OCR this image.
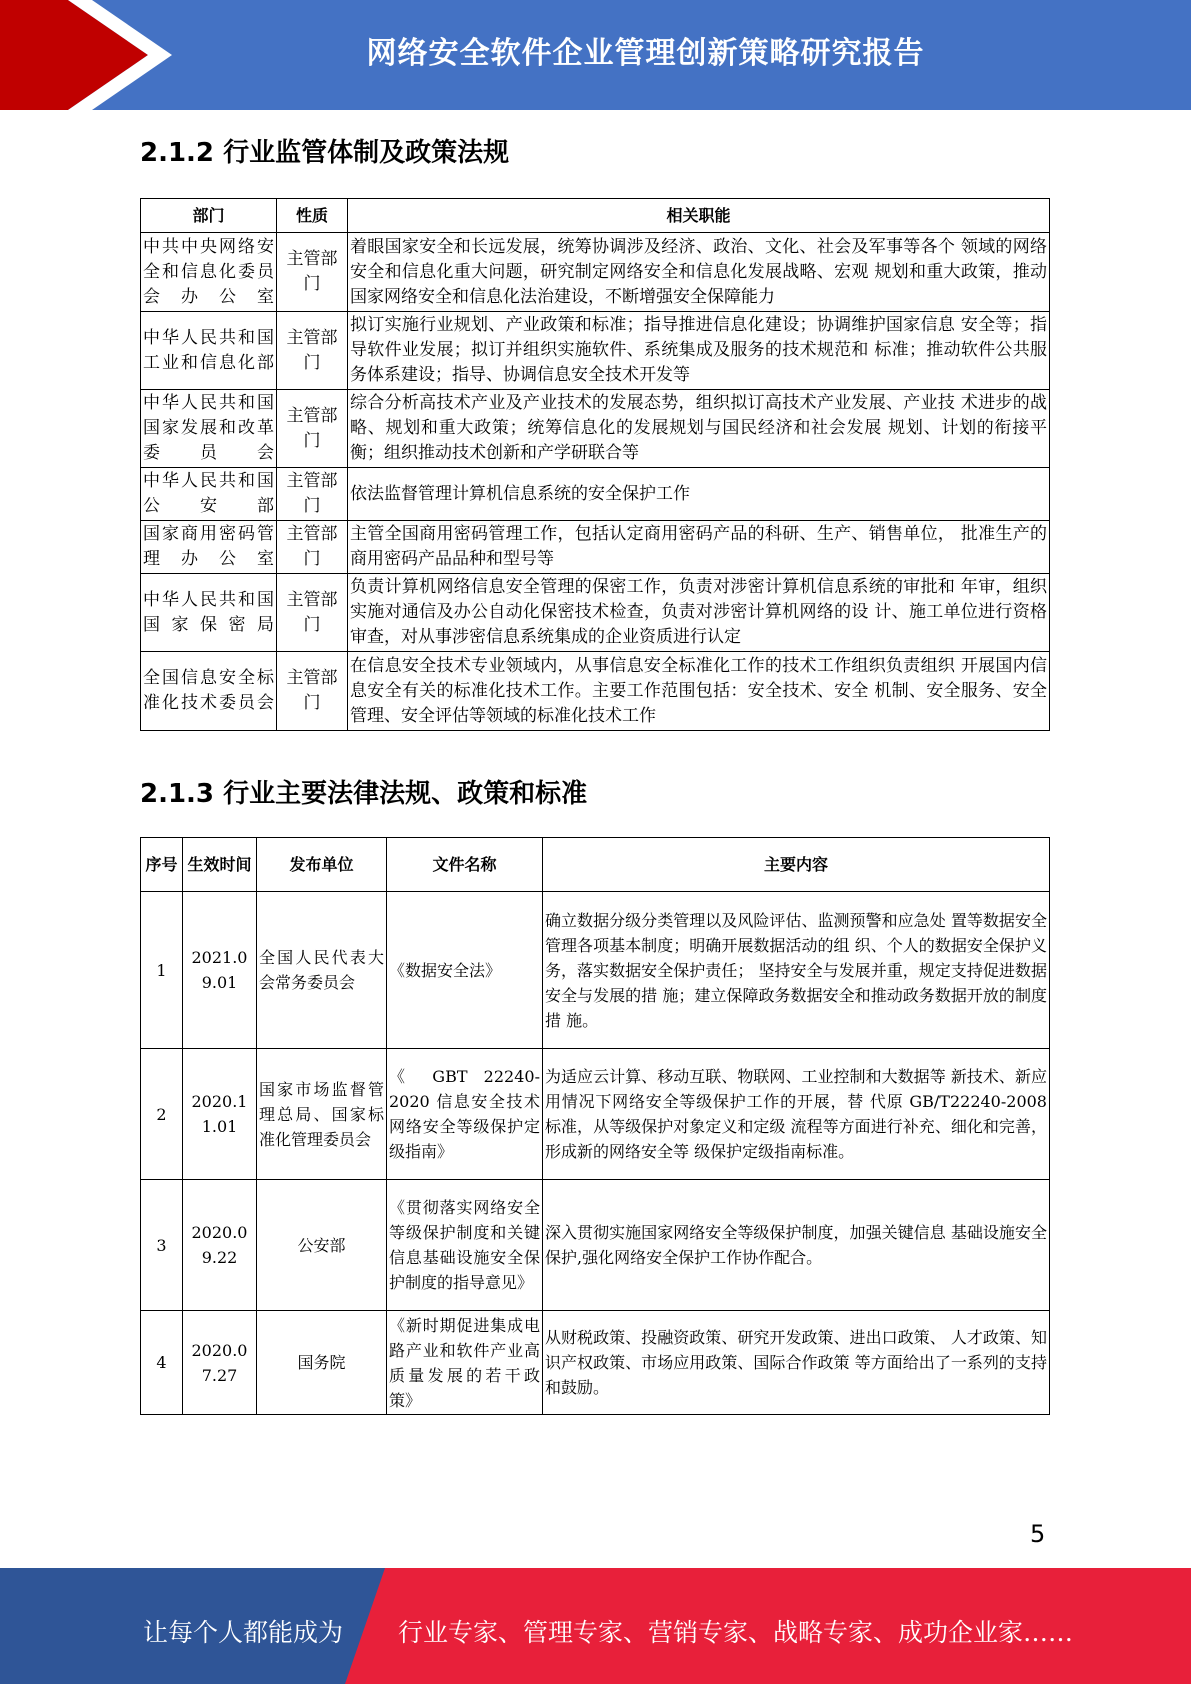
网络安全软件企业管理创新策略研究报告
2.1.2 行业监管体制及政策法规
部门	性质	相关职能
中共中央网络安全和信息化委员会办公室	主管部门	着眼国家安全和长远发展，统筹协调涉及经济、政治、文化、社会及军事等各个 领域的网络安全和信息化重大问题，研究制定网络安全和信息化发展战略、宏观 规划和重大政策，推动国家网络安全和信息化法治建设，不断增强安全保障能力
中华人民共和国工业和信息化部	主管部门	拟订实施行业规划、产业政策和标准；指导推进信息化建设；协调维护国家信息 安全等；指导软件业发展；拟订并组织实施软件、系统集成及服务的技术规范和 标准；推动软件公共服务体系建设；指导、协调信息安全技术开发等
中华人民共和国国家发展和改革委员会	主管部门	综合分析高技术产业及产业技术的发展态势，组织拟订高技术产业发展、产业技 术进步的战略、规划和重大政策；统筹信息化的发展规划与国民经济和社会发展 规划、计划的衔接平衡；组织推动技术创新和产学研联合等
中华人民共和国公安部	主管部门	依法监督管理计算机信息系统的安全保护工作
国家商用密码管理办公室	主管部门	主管全国商用密码管理工作，包括认定商用密码产品的科研、生产、销售单位， 批准生产的商用密码产品品种和型号等
中华人民共和国国家保密局	主管部门	负责计算机网络信息安全管理的保密工作，负责对涉密计算机信息系统的审批和 年审，组织实施对通信及办公自动化保密技术检查，负责对涉密计算机网络的设 计、施工单位进行资格审查，对从事涉密信息系统集成的企业资质进行认定
全国信息安全标准化技术委员会	主管部门	在信息安全技术专业领域内，从事信息安全标准化工作的技术工作组织负责组织 开展国内信息安全有关的标准化技术工作。主要工作范围包括：安全技术、安全 机制、安全服务、安全管理、安全评估等领域的标准化技术工作
2.1.3 行业主要法律法规、政策和标准
序号	生效时间	发布单位	文件名称	主要内容
1	2021.09.01	全国人民代表大会常务委员会	《数据安全法》	确立数据分级分类管理以及风险评估、监测预警和应急处 置等数据安全管理各项基本制度；明确开展数据活动的组 织、个人的数据安全保护义务，落实数据安全保护责任； 坚持安全与发展并重，规定支持促进数据安全与发展的措 施；建立保障政务数据安全和推动政务数据开放的制度措 施。
2	2020.11.01	国家市场监督管理总局、国家标准化管理委员会	《 GBT 22240-2020 信息安全技术网络安全等级保护定级指南》	为适应云计算、移动互联、物联网、工业控制和大数据等 新技术、新应用情况下网络安全等级保护工作的开展，替 代原 GB/T22240-2008 标准，从等级保护对象定义和定级 流程等方面进行补充、细化和完善，形成新的网络安全等 级保护定级指南标准。
3	2020.09.22	公安部	《贯彻落实网络安全等级保护制度和关键信息基础设施安全保护制度的指导意见》	深入贯彻实施国家网络安全等级保护制度，加强关键信息 基础设施安全保护,强化网络安全保护工作协作配合。
4	2020.07.27	国务院	《新时期促进集成电路产业和软件产业高质量发展的若干政策》	从财税政策、投融资政策、研究开发政策、进出口政策、 人才政策、知识产权政策、市场应用政策、国际合作政策 等方面给出了一系列的支持和鼓励。
5
让每个人都能成为 行业专家、管理专家、营销专家、战略专家、成功企业家……
